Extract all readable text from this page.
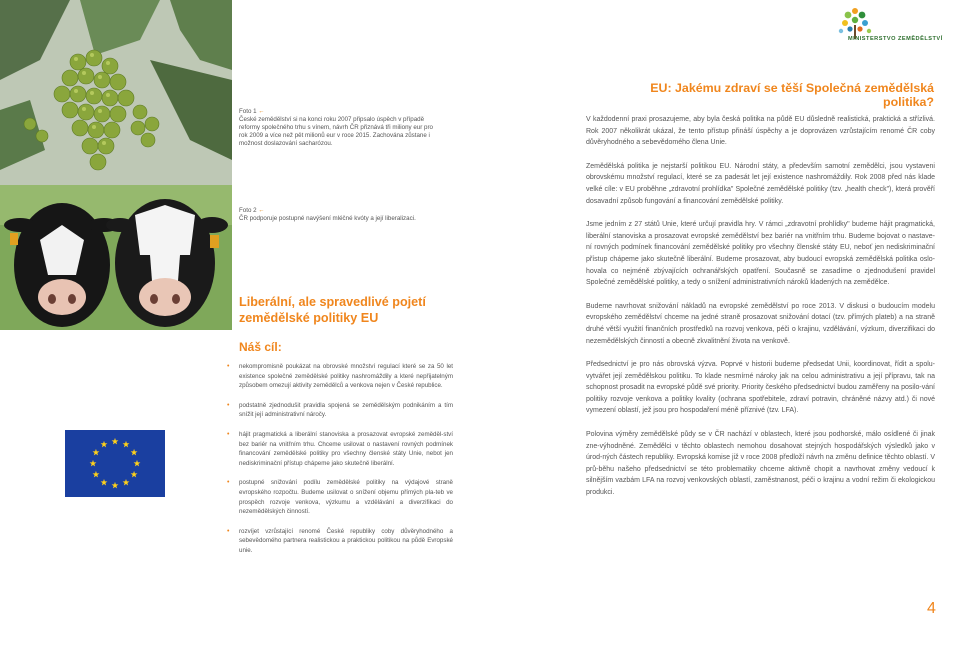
Foto 1 ←
České zemědělství si na konci roku 2007 připsalo úspěch v případě reformy společného trhu s vínem, návrh ČR přiznává tři miliony eur pro rok 2009 a více než pět milionů eur v roce 2015. Zachována zůstane i možnost doslazování sacharózou.
Foto 2 ←
ČR podporuje postupné navýšení mléčné kvóty a její liberalizaci.
Liberální, ale spravedlivé pojetí zemědělské politiky EU
Náš cíl:
• nekompromisně poukázat na obrovské množství regulací které se za 50 let existence společné zemědělské politiky nashromáždily a které nepřijatelným způsobem omezují aktivity zemědělců a venkova nejen v České republice.
• podstatně zjednodušit pravidla spojená se zemědělským podnikáním a tím snížit její administrativní náročy.
• hájit pragmatická a liberální stanoviska a prosazovat evropské zeměděl-ství bez bariér na vnitřním trhu. Chceme usilovat o nastavení rovných podmínek financování zemědělské politiky pro všechny členské státy Unie, nebot jen nediskriminační přístup chápeme jako skutečně liberální.
• postupné snižování podílu zemědělské politiky na výdajové straně evropského rozpočtu. Budeme usilovat o snížení objemu přímých pla-teb ve prospěch rozvoje venkova, výzkumu a vzdělávání a diverzifikaci do nezemědělských činností.
• rozvíjet vzrůstající renomé České republiky coby důvěryhodného a sebevědomého partnera realistickou a praktickou politikou na půdě Evropské unie.
MINISTERSTVO ZEMĚDĚLSTVÍ
EU: Jakému zdraví se těší Společná zemědělská politika?

V každodenní praxi prosazujeme, aby byla česká politika na půdě EU důsledně realistická, praktická a střízlivá. Rok 2007 několikrát ukázal, že tento přístup přináší úspěchy a je doprovázen vzrůstajícím renomé ČR coby důvěryhodného a sebevědomého člena Unie.

Zemědělská politika je nejstarší politikou EU. Národní státy, a především samotní zemědělci, jsou vystaveni obrovskému množství regulací, které se za padesát let její existence nashromáždily. Rok 2008 před nás klade velké cíle: v EU proběhne „zdravotní prohlídka" Společné zemědělské politiky (tzv. „health check"), která prověří dosavadní způsob fungování a financování zemědělské politiky.

Jsme jedním z 27 států Unie, které určují pravidla hry. V rámci „zdravotní prohlídky" budeme hájit pragmatická, liberální stanoviska a prosazovat evropské zemědělství bez bariér na vnitřním trhu. Budeme bojovat o nastave-ní rovných podmínek financování zemědělské politiky pro všechny členské státy EU, neboť jen nediskriminační přístup chápeme jako skutečně liberální. Budeme prosazovat, aby budoucí evropská zemědělská politika oslo-hovala co nejméně zbývajících ochranářských opatření. Současně se zasadíme o zjednodušení pravidel Společné zemědělské politiky, a tedy o snížení administrativních nároků kladených na zemědělce.

Budeme navrhovat snižování nákladů na evropské zemědělství po roce 2013. V diskusi o budoucím modelu evropského zemědělství chceme na jedné straně prosazovat snižování dotací (tzv. přímých plateb) a na straně druhé větší využití finančních prostředků na rozvoj venkova, péči o krajinu, vzdělávání, výzkum, diverzifikaci do nezemědělských činností a obecně zkvalitnění života na venkově.

Předsednictví je pro nás obrovská výzva. Poprvé v historii budeme předsedat Unii, koordinovat, řídit a spolu-vytvářet její zemědělskou politiku. To klade nesmírné nároky jak na celou administrativu a její přípravu, tak na schopnost prosadit na evropské půdě své priority. Priority českého předsednictví budou zaměřeny na posilo-vání politiky rozvoje venkova a politiky kvality (ochrana spotřebitele, zdraví potravin, chráněné názvy atd.) či nové vymezení oblastí, jež jsou pro hospodaření méně příznivé (tzv. LFA).

Polovina výměry zemědělské půdy se v ČR nachází v oblastech, které jsou podhorské, málo osídlené či jinak zne-výhodněné. Zemědělci v těchto oblastech nemohou dosahovat stejných hospodářských výsledků jako v úrod-ných částech republiky. Evropská komise již v roce 2008 předloží návrh na změnu definice těchto oblastí. V prů-běhu našeho předsednictví se této problematiky chceme aktivně chopit a navrhovat změny vedoucí k silnějším vazbám LFA na rozvoj venkovských oblastí, zaměstnanost, péči o krajinu a vodní režim či ekologickou produkci.

4
